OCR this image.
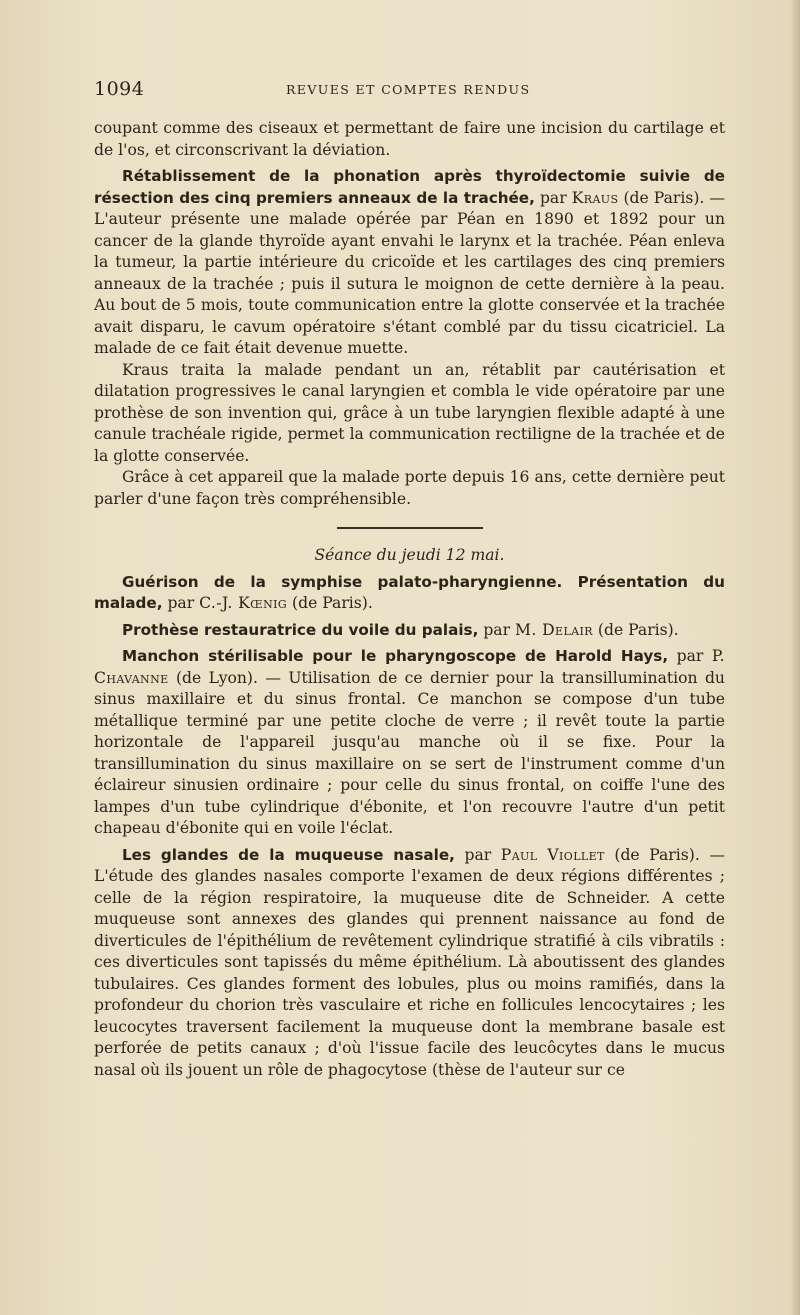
1094	REVUES ET COMPTES RENDUS

coupant comme des ciseaux et permettant de faire une incision du cartilage et de l'os, et circonscrivant la déviation.

Rétablissement de la phonation après thyroïdectomie suivie de résection des cinq premiers anneaux de la trachée, par Kraus (de Paris). — L'auteur présente une malade opérée par Péan en 1890 et 1892 pour un cancer de la glande thyroïde ayant envahi le larynx et la trachée. Péan enleva la tumeur, la partie intérieure du cricoïde et les cartilages des cinq premiers anneaux de la trachée ; puis il sutura le moignon de cette dernière à la peau. Au bout de 5 mois, toute communication entre la glotte conservée et la trachée avait disparu, le cavum opératoire s'étant comblé par du tissu cicatriciel. La malade de ce fait était devenue muette.

Kraus traita la malade pendant un an, rétablit par cautérisation et dilatation progressives le canal laryngien et combla le vide opératoire par une prothèse de son invention qui, grâce à un tube laryngien flexible adapté à une canule trachéale rigide, permet la communication rectiligne de la trachée et de la glotte conservée.

Grâce à cet appareil que la malade porte depuis 16 ans, cette dernière peut parler d'une façon très compréhensible.

Séance du jeudi 12 mai.

Guérison de la symphise palato-pharyngienne. Présentation du malade, par C.-J. Kœnig (de Paris).

Prothèse restauratrice du voile du palais, par M. Delair (de Paris).

Manchon stérilisable pour le pharyngoscope de Harold Hays, par P. Chavanne (de Lyon). — Utilisation de ce dernier pour la transillumination du sinus maxillaire et du sinus frontal. Ce manchon se compose d'un tube métallique terminé par une petite cloche de verre ; il revêt toute la partie horizontale de l'appareil jusqu'au manche où il se fixe. Pour la transillumination du sinus maxillaire on se sert de l'instrument comme d'un éclaireur sinusien ordinaire ; pour celle du sinus frontal, on coiffe l'une des lampes d'un tube cylindrique d'ébonite, et l'on recouvre l'autre d'un petit chapeau d'ébonite qui en voile l'éclat.

Les glandes de la muqueuse nasale, par Paul Viollet (de Paris). — L'étude des glandes nasales comporte l'examen de deux régions différentes ; celle de la région respiratoire, la muqueuse dite de Schneider. A cette muqueuse sont annexes des glandes qui prennent naissance au fond de diverticules de l'épithélium de revêtement cylindrique stratifié à cils vibratils : ces diverticules sont tapissés du même épithélium. Là aboutissent des glandes tubulaires. Ces glandes forment des lobules, plus ou moins ramifiés, dans la profondeur du chorion très vasculaire et riche en follicules lencocytaires ; les leucocytes traversent facilement la muqueuse dont la membrane basale est perforée de petits canaux ; d'où l'issue facile des leucôcytes dans le mucus nasal où ils jouent un rôle de phagocytose (thèse de l'auteur sur ce
